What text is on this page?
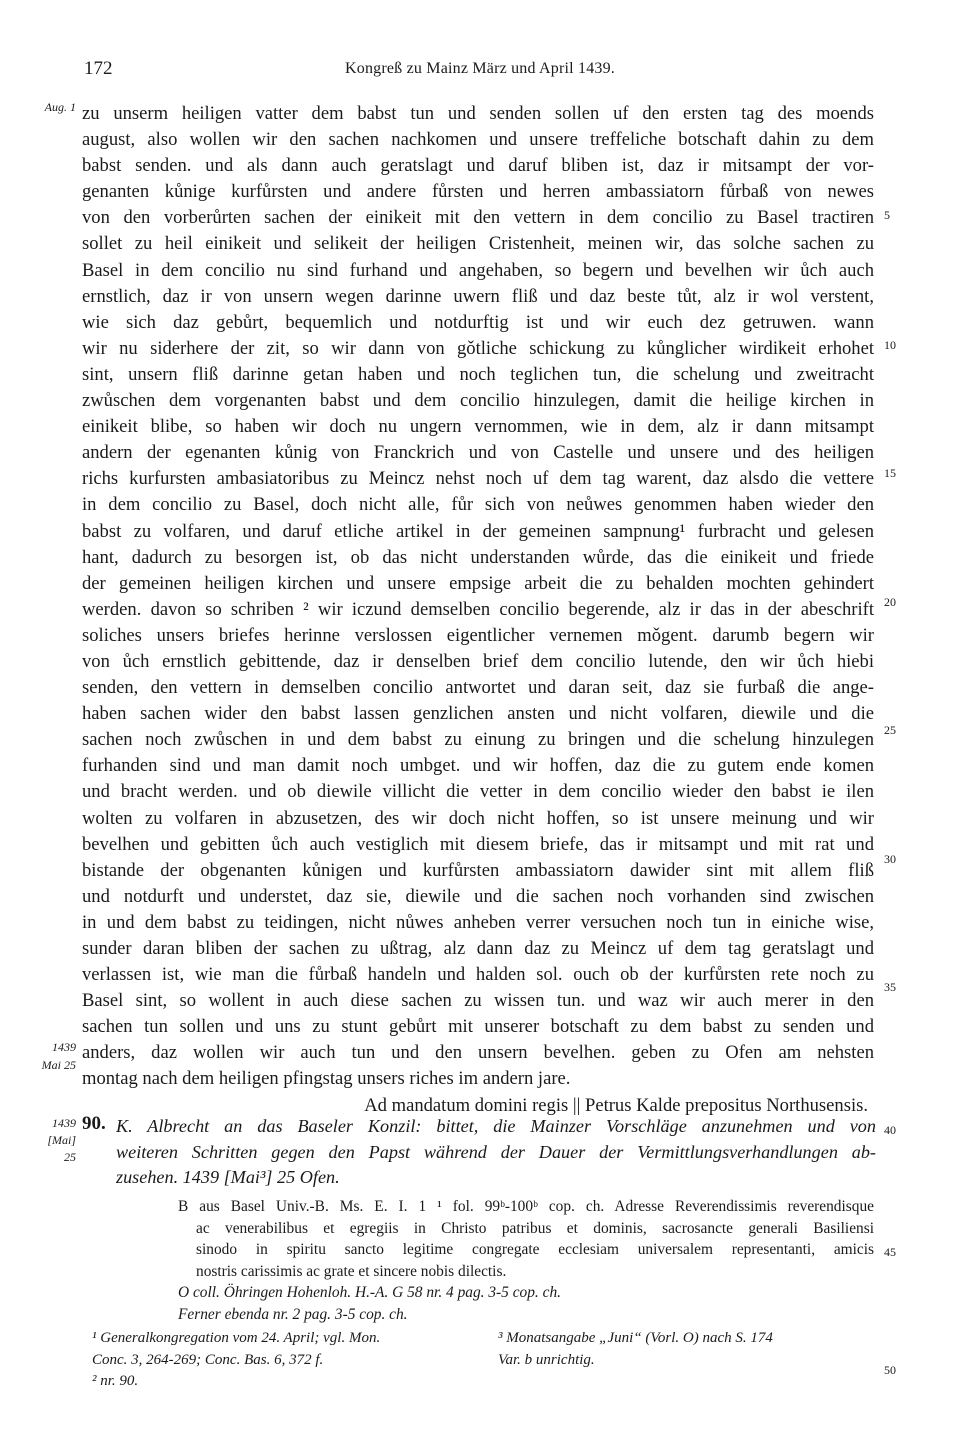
172	Kongreß zu Mainz März und April 1439.
Aug. 1
1439
Mai 25
1439
[Mai]
25
5
10
15
20
25
30
35
40
45
50
zu unserm heiligen vatter dem babst tun und senden sollen uf den ersten tag des moends
august, also wollen wir den sachen nachkomen und unsere treffeliche botschaft dahin zu dem
babst senden. und als dann auch geratslagt und daruf bliben ist, daz ir mitsampt der vor-
genanten kůnige kurfůrsten und andere fůrsten und herren ambassiatorn fůrbaß von newes
von den vorberůrten sachen der einikeit mit den vettern in dem concilio zu Basel tractiren
sollet zu heil einikeit und selikeit der heiligen Cristenheit, meinen wir, das solche sachen zu
Basel in dem concilio nu sind furhand und angehaben, so begern und bevelhen wir ůch auch
ernstlich, daz ir von unsern wegen darinne uwern fliß und daz beste tůt, alz ir wol verstent,
wie sich daz gebůrt, bequemlich und notdurftig ist und wir euch dez getruwen. wann
wir nu siderhere der zit, so wir dann von gǒtliche schickung zu kůnglicher wirdikeit erhohet
sint, unsern fliß darinne getan haben und noch teglichen tun, die schelung und zweitracht
zwůschen dem vorgenanten babst und dem concilio hinzulegen, damit die heilige kirchen in
einikeit blibe, so haben wir doch nu ungern vernommen, wie in dem, alz ir dann mitsampt
andern der egenanten kůnig von Franckrich und von Castelle und unsere und des heiligen
richs kurfursten ambasiatoribus zu Meincz nehst noch uf dem tag warent, daz alsdo die vettere
in dem concilio zu Basel, doch nicht alle, fůr sich von neůwes genommen haben wieder den
babst zu volfaren, und daruf etliche artikel in der gemeinen sampnung¹ furbracht und gelesen
hant, dadurch zu besorgen ist, ob das nicht understanden wůrde, das die einikeit und friede
der gemeinen heiligen kirchen und unsere empsige arbeit die zu behalden mochten gehindert
werden. davon so schriben ² wir iczund demselben concilio begerende, alz ir das in der abeschrift
soliches unsers briefes herinne verslossen eigentlicher vernemen mǒgent. darumb begern wir
von ůch ernstlich gebittende, daz ir denselben brief dem concilio lutende, den wir ůch hiebi
senden, den vettern in demselben concilio antwortet und daran seit, daz sie furbaß die ange-
haben sachen wider den babst lassen genzlichen ansten und nicht volfaren, diewile und die
sachen noch zwůschen in und dem babst zu einung zu bringen und die schelung hinzulegen
furhanden sind und man damit noch umbget. und wir hoffen, daz die zu gutem ende komen
und bracht werden. und ob diewile villicht die vetter in dem concilio wieder den babst ie ilen
wolten zu volfaren in abzusetzen, des wir doch nicht hoffen, so ist unsere meinung und wir
bevelhen und gebitten ůch auch vestiglich mit diesem briefe, das ir mitsampt und mit rat und
bistande der obgenanten kůnigen und kurfůrsten ambassiatorn dawider sint mit allem fliß
und notdurft und understet, daz sie, diewile und die sachen noch vorhanden sind zwischen
in und dem babst zu teidingen, nicht nůwes anheben verrer versuchen noch tun in einiche wise,
sunder daran bliben der sachen zu ußtrag, alz dann daz zu Meincz uf dem tag geratslagt und
verlassen ist, wie man die fůrbaß handeln und halden sol. ouch ob der kurfůrsten rete noch zu
Basel sint, so wollent in auch diese sachen zu wissen tun. und waz wir auch merer in den
sachen tun sollen und uns zu stunt gebůrt mit unserer botschaft zu dem babst zu senden und
anders, daz wollen wir auch tun und den unsern bevelhen. geben zu Ofen am nehsten
montag nach dem heiligen pfingstag unsers riches im andern jare.
Ad mandatum domini regis || Petrus Kalde prepositus Northusensis.
90. K. Albrecht an das Baseler Konzil: bittet, die Mainzer Vorschläge anzunehmen und von
weiteren Schritten gegen den Papst während der Dauer der Vermittlungsverhandlungen ab-
zusehen. 1439 [Mai³] 25 Ofen.
B aus Basel Univ.-B. Ms. E. I. 1 ¹ fol. 99ᵇ-100ᵇ cop. ch. Adresse Reverendissimis reverendisque
ac venerabilibus et egregiis in Christo patribus et dominis, sacrosancte generali Basiliensi
sinodo in spiritu sancto legitime congregate ecclesiam universalem representanti, amicis
nostris carissimis ac grate et sincere nobis dilectis.
O coll. Öhringen Hohenloh. H.-A. G 58 nr. 4 pag. 3-5 cop. ch.
Ferner ebenda nr. 2 pag. 3-5 cop. ch.
¹ Generalkongregation vom 24. April; vgl. Mon.
Conc. 3, 264-269; Conc. Bas. 6, 372 f.
² nr. 90.
³ Monatsangabe „Juni“ (Vorl. O) nach S. 174
Var. b unrichtig.
